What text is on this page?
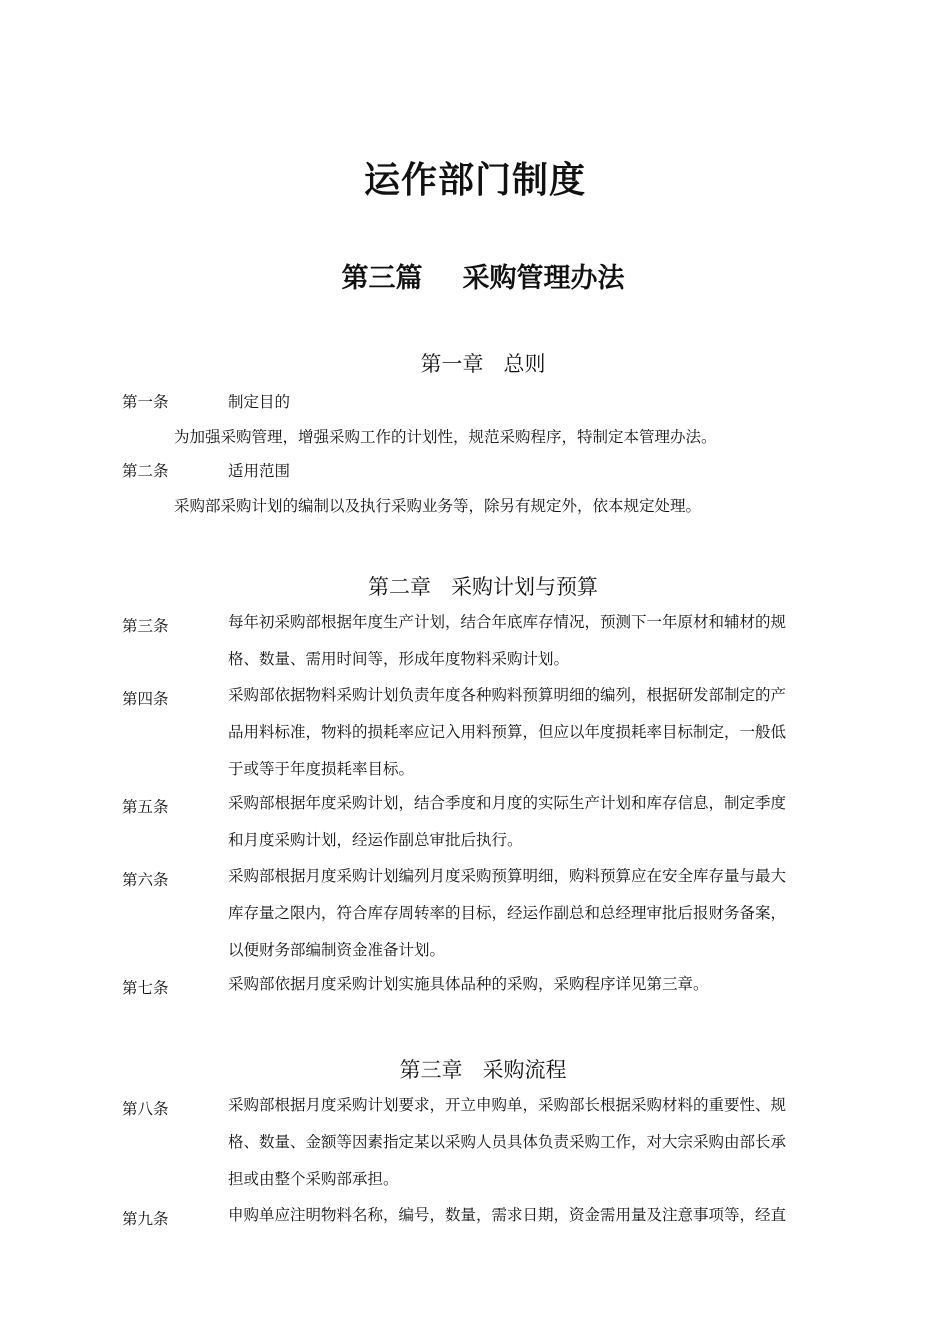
运作部门制度
第三篇 采购管理办法
第一章 总则
第一条	制定目的
为加强采购管理，增强采购工作的计划性，规范采购程序，特制定本管理办法。
第二条	适用范围
采购部采购计划的编制以及执行采购业务等，除另有规定外，依本规定处理。
第二章 采购计划与预算
第三条	每年初采购部根据年度生产计划，结合年底库存情况，预测下一年原材和辅材的规
格、数量、需用时间等，形成年度物料采购计划。
第四条	采购部依据物料采购计划负责年度各种购料预算明细的编列，根据研发部制定的产
品用料标准，物料的损耗率应记入用料预算，但应以年度损耗率目标制定，一般低
于或等于年度损耗率目标。
第五条	采购部根据年度采购计划，结合季度和月度的实际生产计划和库存信息，制定季度
和月度采购计划，经运作副总审批后执行。
第六条	采购部根据月度采购计划编列月度采购预算明细，购料预算应在安全库存量与最大
库存量之限内，符合库存周转率的目标，经运作副总和总经理审批后报财务备案，
以便财务部编制资金准备计划。
第七条	采购部依据月度采购计划实施具体品种的采购，采购程序详见第三章。
第三章 采购流程
第八条	采购部根据月度采购计划要求，开立申购单，采购部长根据采购材料的重要性、规
格、数量、金额等因素指定某以采购人员具体负责采购工作，对大宗采购由部长承
担或由整个采购部承担。
第九条	申购单应注明物料名称，编号，数量，需求日期，资金需用量及注意事项等，经直
